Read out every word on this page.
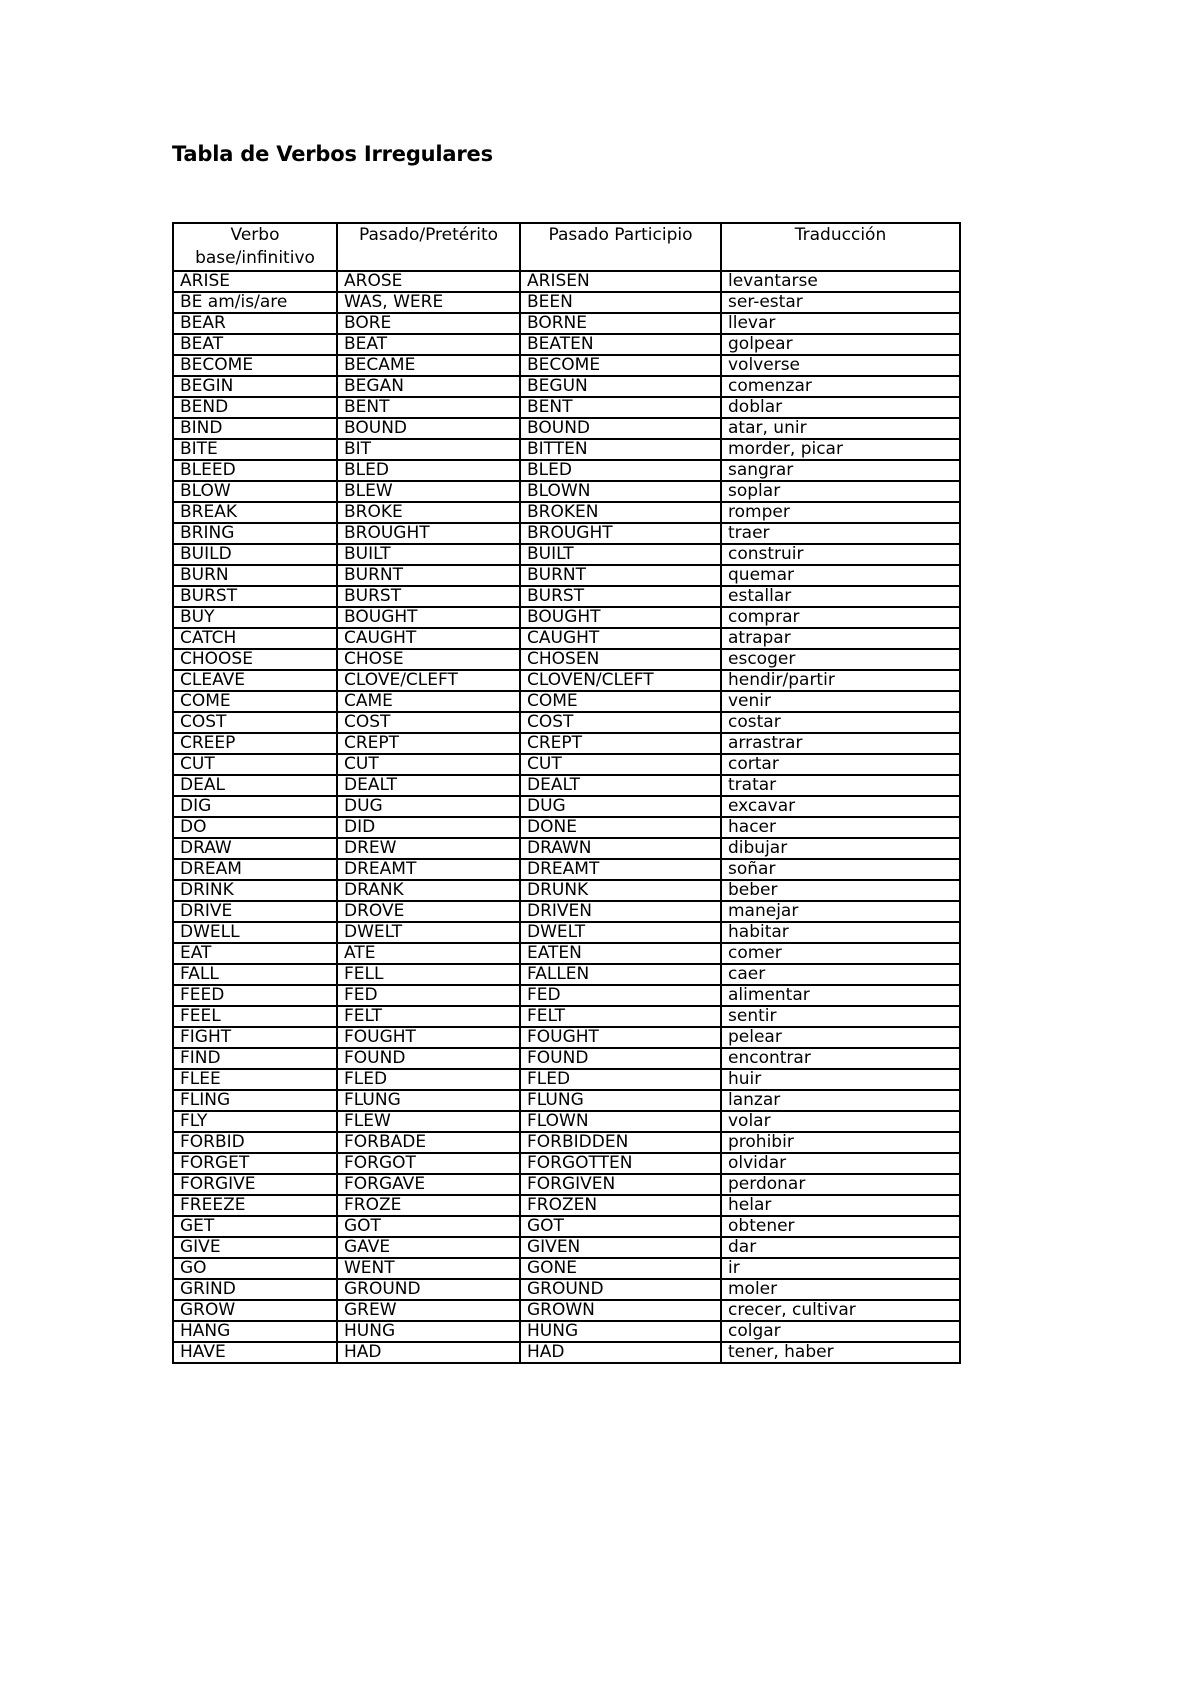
Tabla de Verbos Irregulares
Verbo base/infinitivo	Pasado/Pretérito	Pasado Participio	Traducción
ARISE	AROSE	ARISEN	levantarse
BE am/is/are	WAS, WERE	BEEN	ser-estar
BEAR	BORE	BORNE	llevar
BEAT	BEAT	BEATEN	golpear
BECOME	BECAME	BECOME	volverse
BEGIN	BEGAN	BEGUN	comenzar
BEND	BENT	BENT	doblar
BIND	BOUND	BOUND	atar, unir
BITE	BIT	BITTEN	morder, picar
BLEED	BLED	BLED	sangrar
BLOW	BLEW	BLOWN	soplar
BREAK	BROKE	BROKEN	romper
BRING	BROUGHT	BROUGHT	traer
BUILD	BUILT	BUILT	construir
BURN	BURNT	BURNT	quemar
BURST	BURST	BURST	estallar
BUY	BOUGHT	BOUGHT	comprar
CATCH	CAUGHT	CAUGHT	atrapar
CHOOSE	CHOSE	CHOSEN	escoger
CLEAVE	CLOVE/CLEFT	CLOVEN/CLEFT	hendir/partir
COME	CAME	COME	venir
COST	COST	COST	costar
CREEP	CREPT	CREPT	arrastrar
CUT	CUT	CUT	cortar
DEAL	DEALT	DEALT	tratar
DIG	DUG	DUG	excavar
DO	DID	DONE	hacer
DRAW	DREW	DRAWN	dibujar
DREAM	DREAMT	DREAMT	soñar
DRINK	DRANK	DRUNK	beber
DRIVE	DROVE	DRIVEN	manejar
DWELL	DWELT	DWELT	habitar
EAT	ATE	EATEN	comer
FALL	FELL	FALLEN	caer
FEED	FED	FED	alimentar
FEEL	FELT	FELT	sentir
FIGHT	FOUGHT	FOUGHT	pelear
FIND	FOUND	FOUND	encontrar
FLEE	FLED	FLED	huir
FLING	FLUNG	FLUNG	lanzar
FLY	FLEW	FLOWN	volar
FORBID	FORBADE	FORBIDDEN	prohibir
FORGET	FORGOT	FORGOTTEN	olvidar
FORGIVE	FORGAVE	FORGIVEN	perdonar
FREEZE	FROZE	FROZEN	helar
GET	GOT	GOT	obtener
GIVE	GAVE	GIVEN	dar
GO	WENT	GONE	ir
GRIND	GROUND	GROUND	moler
GROW	GREW	GROWN	crecer, cultivar
HANG	HUNG	HUNG	colgar
HAVE	HAD	HAD	tener, haber
